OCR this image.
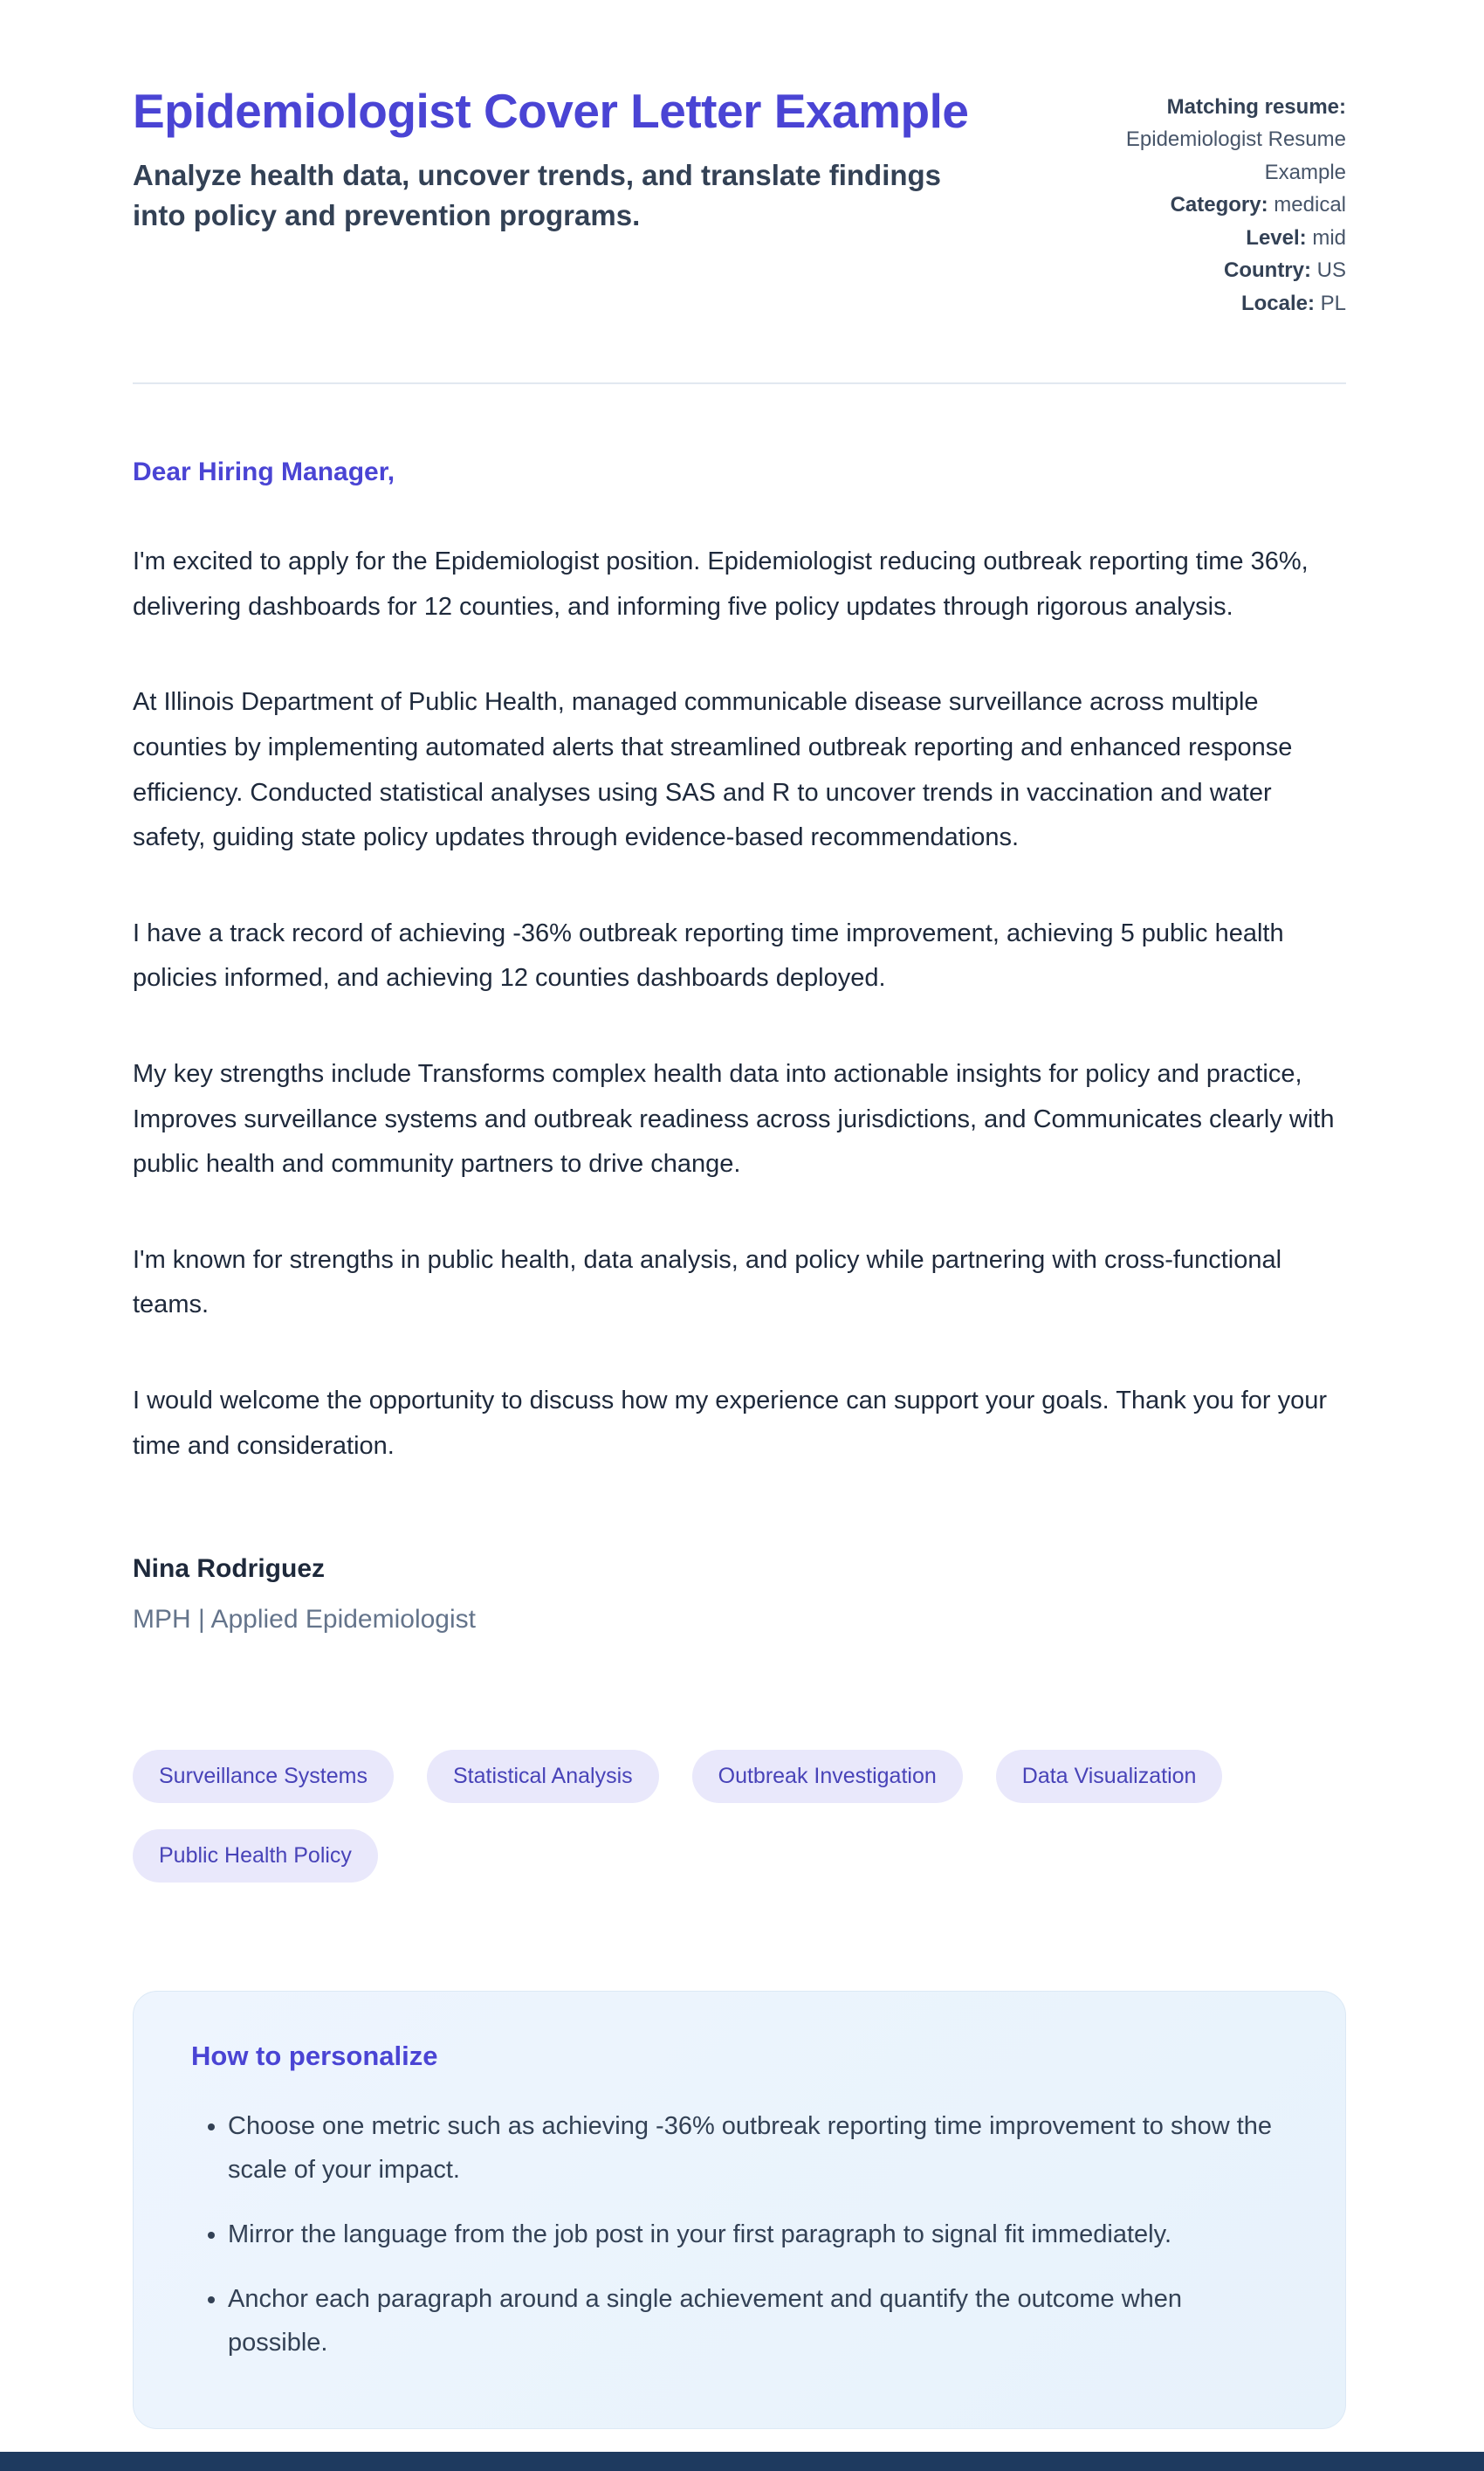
Epidemiologist Cover Letter Example
Analyze health data, uncover trends, and translate findings into policy and prevention programs.
Matching resume: Epidemiologist Resume Example
Category: medical
Level: mid
Country: US
Locale: PL

Dear Hiring Manager,

I'm excited to apply for the Epidemiologist position. Epidemiologist reducing outbreak reporting time 36%, delivering dashboards for 12 counties, and informing five policy updates through rigorous analysis.

At Illinois Department of Public Health, managed communicable disease surveillance across multiple counties by implementing automated alerts that streamlined outbreak reporting and enhanced response efficiency. Conducted statistical analyses using SAS and R to uncover trends in vaccination and water safety, guiding state policy updates through evidence-based recommendations.

I have a track record of achieving -36% outbreak reporting time improvement, achieving 5 public health policies informed, and achieving 12 counties dashboards deployed.

My key strengths include Transforms complex health data into actionable insights for policy and practice, Improves surveillance systems and outbreak readiness across jurisdictions, and Communicates clearly with public health and community partners to drive change.

I'm known for strengths in public health, data analysis, and policy while partnering with cross-functional teams.

I would welcome the opportunity to discuss how my experience can support your goals. Thank you for your time and consideration.

Nina Rodriguez

MPH | Applied Epidemiologist

Surveillance Systems	Statistical Analysis	Outbreak Investigation	Data Visualization
Public Health Policy
How to personalize
• Choose one metric such as achieving -36% outbreak reporting time improvement to show the scale of your impact.
• Mirror the language from the job post in your first paragraph to signal fit immediately.
• Anchor each paragraph around a single achievement and quantify the outcome when possible.
